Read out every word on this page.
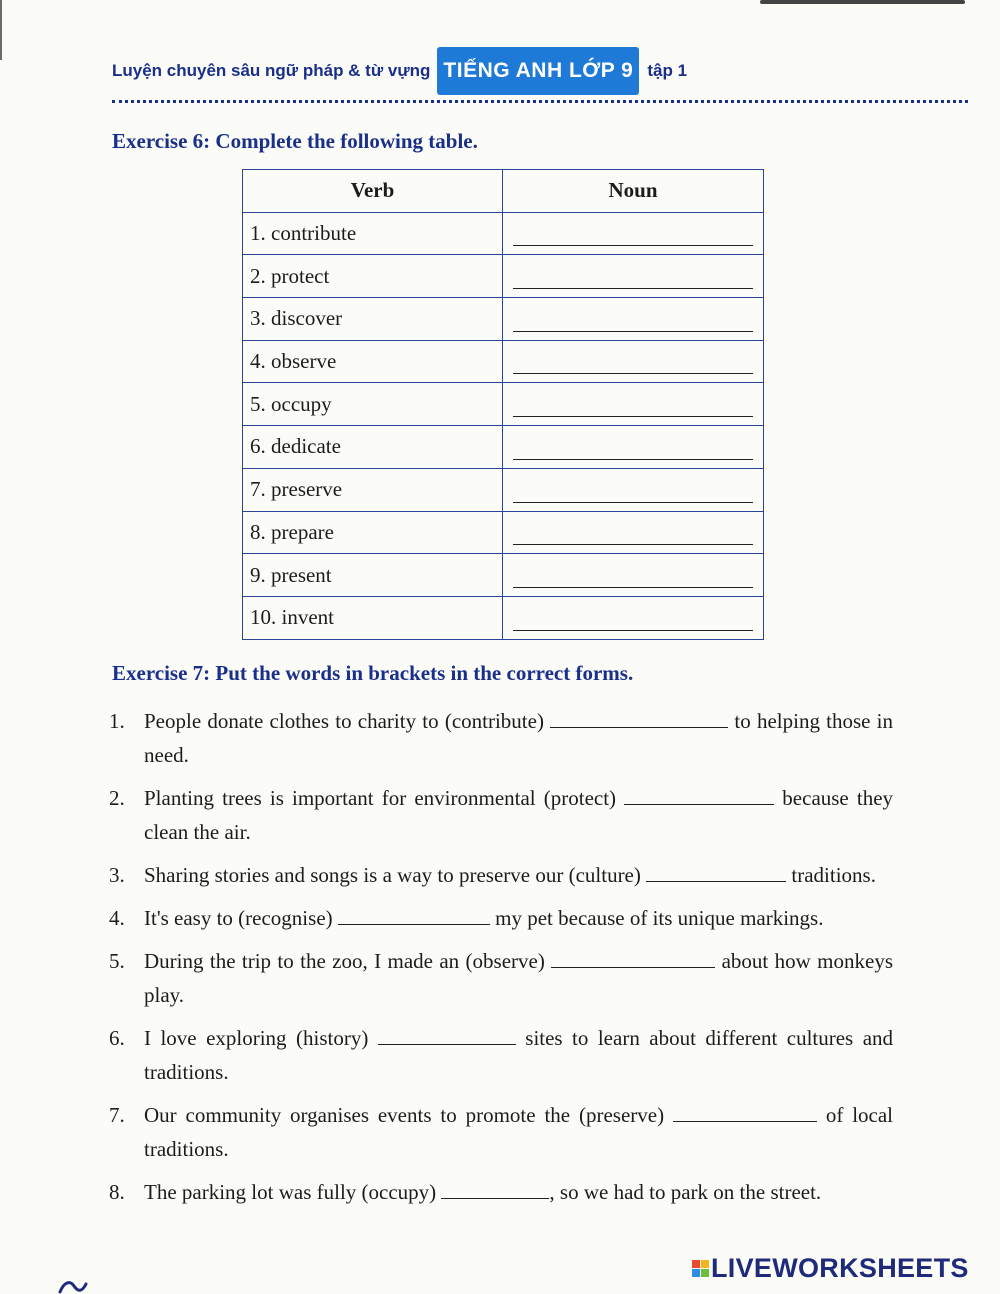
Luyện chuyên sâu ngữ pháp & từ vựng TIẾNG ANH LỚP 9 tập 1
Exercise 6: Complete the following table.
Verb	Noun
1. contribute	

2. protect	

3. discover	

4. observe	

5. occupy	

6. dedicate	

7. preserve	

8. prepare	

9. present	

10. invent	
Exercise 7: Put the words in brackets in the correct forms.
1. People donate clothes to charity to (contribute)	to helping those in need.
2. Planting trees is important for environmental (protect)	because they clean the air.
3. Sharing stories and songs is a way to preserve our (culture)	traditions.
4. It's easy to (recognise)	my pet because of its unique markings.
5. During the trip to the zoo, I made an (observe)	about how monkeys play.
6. I love exploring (history)	sites to learn about different cultures and traditions.
7. Our community organises events to promote the (preserve)	of local traditions.
8. The parking lot was fully (occupy)	, so we had to park on the street.
LIVEWORKSHEETS
